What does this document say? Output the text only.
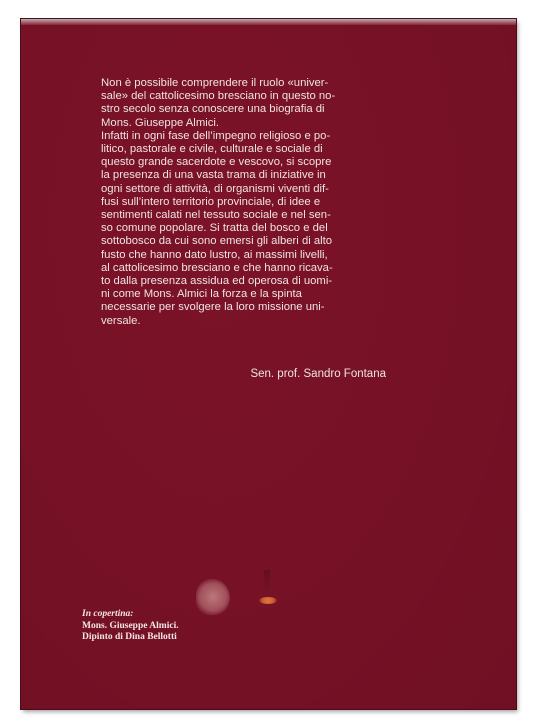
Non è possibile comprendere il ruolo «univer-
sale» del cattolicesimo bresciano in questo no-
stro secolo senza conoscere una biografia di
Mons. Giuseppe Almici.
Infatti in ogni fase dell’impegno religioso e po-
litico, pastorale e civile, culturale e sociale di
questo grande sacerdote e vescovo, si scopre
la presenza di una vasta trama di iniziative in
ogni settore di attività, di organismi viventi dif-
fusi sull’intero territorio provinciale, di idee e
sentimenti calati nel tessuto sociale e nel sen-
so comune popolare. Si tratta del bosco e del
sottobosco da cui sono emersi gli alberi di alto
fusto che hanno dato lustro, ai massimi livelli,
al cattolicesimo bresciano e che hanno ricava-
to dalla presenza assidua ed operosa di uomi-
ni come Mons. Almici la forza e la spinta
necessarie per svolgere la loro missione uni-
versale.
Sen. prof. Sandro Fontana
In copertina:
Mons. Giuseppe Almici.
Dipinto di Dina Bellotti
